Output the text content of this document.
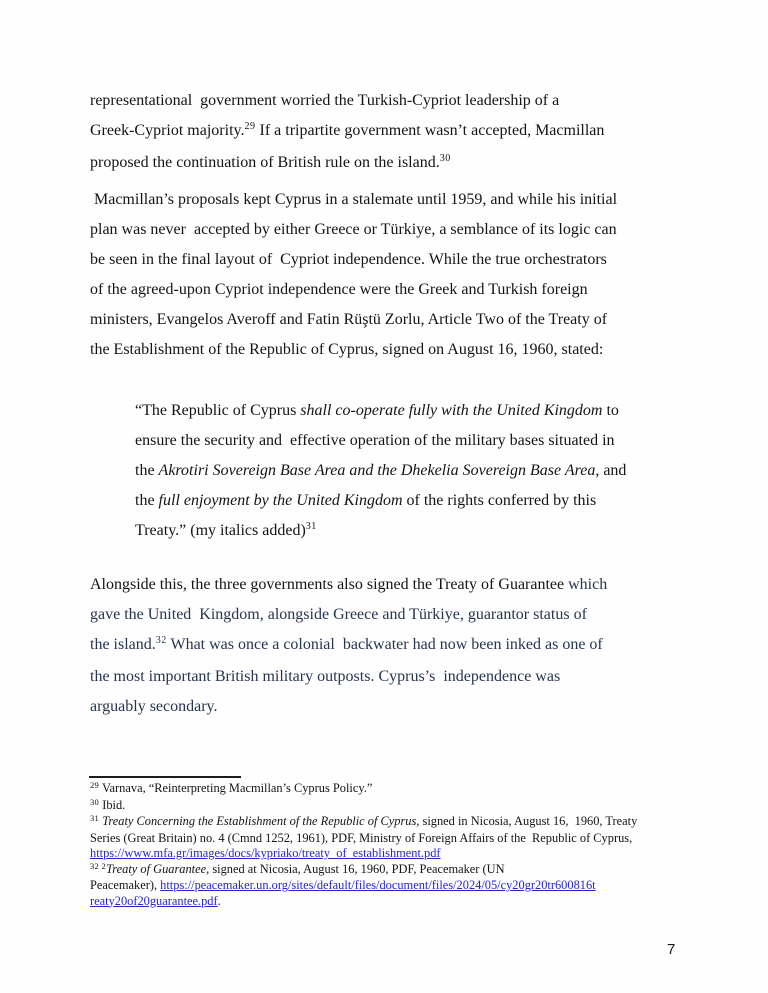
representational  government worried the Turkish-Cypriot leadership of a
Greek-Cypriot majority.$^{29}$ If a tripartite government wasn’t accepted, Macmillan
proposed the continuation of British rule on the island.$^{30}$
Macmillan’s proposals kept Cyprus in a stalemate until 1959, and while his initial
plan was never  accepted by either Greece or Türkiye, a semblance of its logic can
be seen in the final layout of  Cypriot independence. While the true orchestrators
of the agreed-upon Cypriot independence were the Greek and Turkish foreign
ministers, Evangelos Averoff and Fatin Rüştü Zorlu, Article Two of the Treaty of
the Establishment of the Republic of Cyprus, signed on August 16, 1960, stated:
“The Republic of Cyprus shall co-operate fully with the United Kingdom to
ensure the security and  effective operation of the military bases situated in
the Akrotiri Sovereign Base Area and the Dhekelia Sovereign Base Area, and
the full enjoyment by the United Kingdom of the rights conferred by this
Treaty.” (my italics added)$^{31}$
Alongside this, the three governments also signed the Treaty of Guarantee which
gave the United  Kingdom, alongside Greece and Türkiye, guarantor status of
the island.$^{32}$ What was once a colonial  backwater had now been inked as one of
the most important British military outposts. Cyprus’s  independence was
arguably secondary.
$^{29}$ Varnava, “Reinterpreting Macmillan’s Cyprus Policy.”
$^{30}$ Ibid.
$^{31}$ Treaty Concerning the Establishment of the Republic of Cyprus, signed in Nicosia, August 16,  1960, Treaty
Series (Great Britain) no. 4 (Cmnd 1252, 1961), PDF, Ministry of Foreign Affairs of the  Republic of Cyprus,
https://www.mfa.gr/images/docs/kypriako/treaty_of_establishment.pdf
$^{32 2}$Treaty of Guarantee, signed at Nicosia, August 16, 1960, PDF, Peacemaker (UN
Peacemaker), https://peacemaker.un.org/sites/default/files/document/files/2024/05/cy20gr20tr600816t
reaty20of20guarantee.pdf.
7
